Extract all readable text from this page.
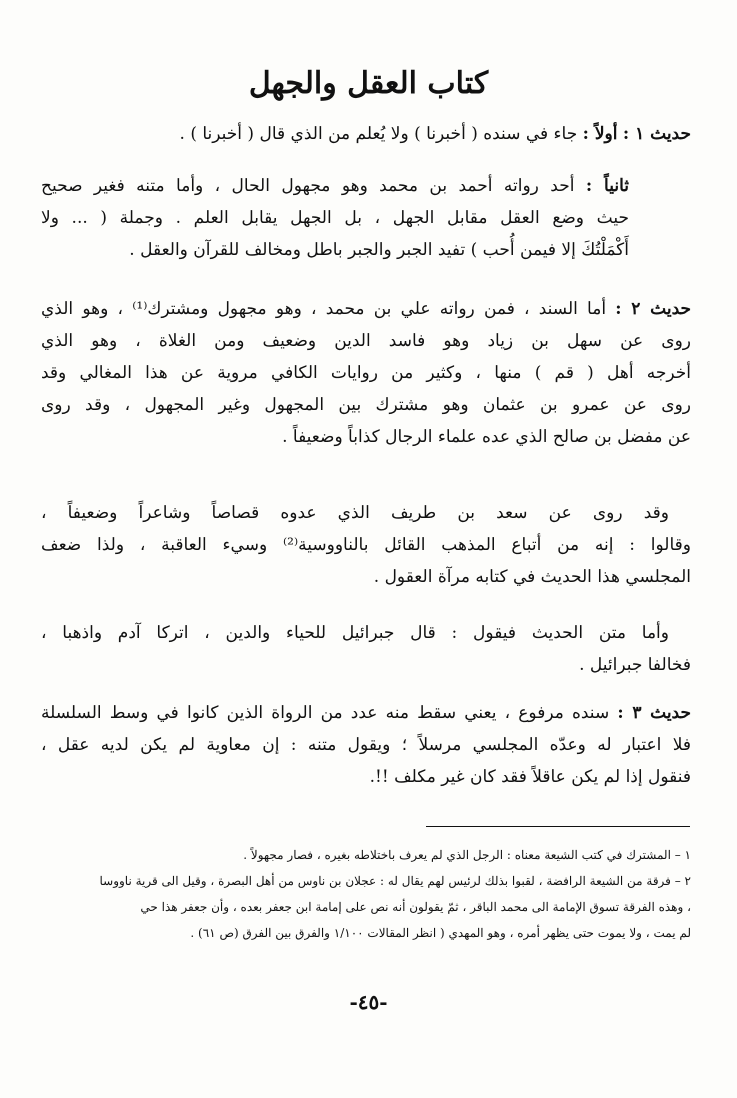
كتاب العقل والجهل
حديث ١ : أولاً : جاء في سنده ( أخبرنا ) ولا يُعلم من الذي قال ( أخبرنا ) .
ثانياً : أحد رواته أحمد بن محمد وهو مجهول الحال ، وأما متنه فغير صحيح
حيث وضع العقل مقابل الجهل ، بل الجهل يقابل العلم . وجملة ( ... ولا
أَكْمَلْتُكَ إلا فيمن أُحب ) تفيد الجبر والجبر باطل ومخالف للقرآن والعقل .
حديث ٢ : أما السند ، فمن رواته علي بن محمد ، وهو مجهول ومشترك⁽¹⁾ ، وهو الذي
روى عن سهل بن زياد وهو فاسد الدين وضعيف ومن الغلاة ، وهو الذي
أخرجه أهل ( قم ) منها ، وكثير من روايات الكافي مروية عن هذا المغالي وقد
روى عن عمرو بن عثمان وهو مشترك بين المجهول وغير المجهول ، وقد روى
عن مفضل بن صالح الذي عده علماء الرجال كذاباً وضعيفاً .
وقد روى عن سعد بن طريف الذي عدوه قصاصاً وشاعراً وضعيفاً ،
وقالوا : إنه من أتباع المذهب القائل بالناووسية⁽²⁾ وسيء العاقبة ، ولذا ضعف
المجلسي هذا الحديث في كتابه مرآة العقول .
وأما متن الحديث فيقول : قال جبرائيل للحياء والدين ، اتركا آدم واذهبا ،
فخالفا جبرائيل .
حديث ٣ : سنده مرفوع ، يعني سقط منه عدد من الرواة الذين كانوا في وسط السلسلة
فلا اعتبار له وعدّه المجلسي مرسلاً ؛ ويقول متنه : إن معاوية لم يكن لديه عقل ،
فنقول إذا لم يكن عاقلاً فقد كان غير مكلف !!.
١ – المشترك في كتب الشيعة معناه : الرجل الذي لم يعرف باختلاطه بغيره ، فصار مجهولاً .
٢ – فرقة من الشيعة الرافضة ، لقبوا بذلك لرئيس لهم يقال له : عجلان بن ناوس من أهل البصرة ، وقيل الى قرية ناووسا
، وهذه الفرقة تسوق الإمامة الى محمد الباقر ، ثمّ يقولون أنه نص على إمامة ابن جعفر بعده ، وأن جعفر هذا حي
لم يمت ، ولا يموت حتى يظهر أمره ، وهو المهدي ( انظر المقالات ١/١٠٠ والفرق بين الفرق (ص ٦١) .
-٤٥-
